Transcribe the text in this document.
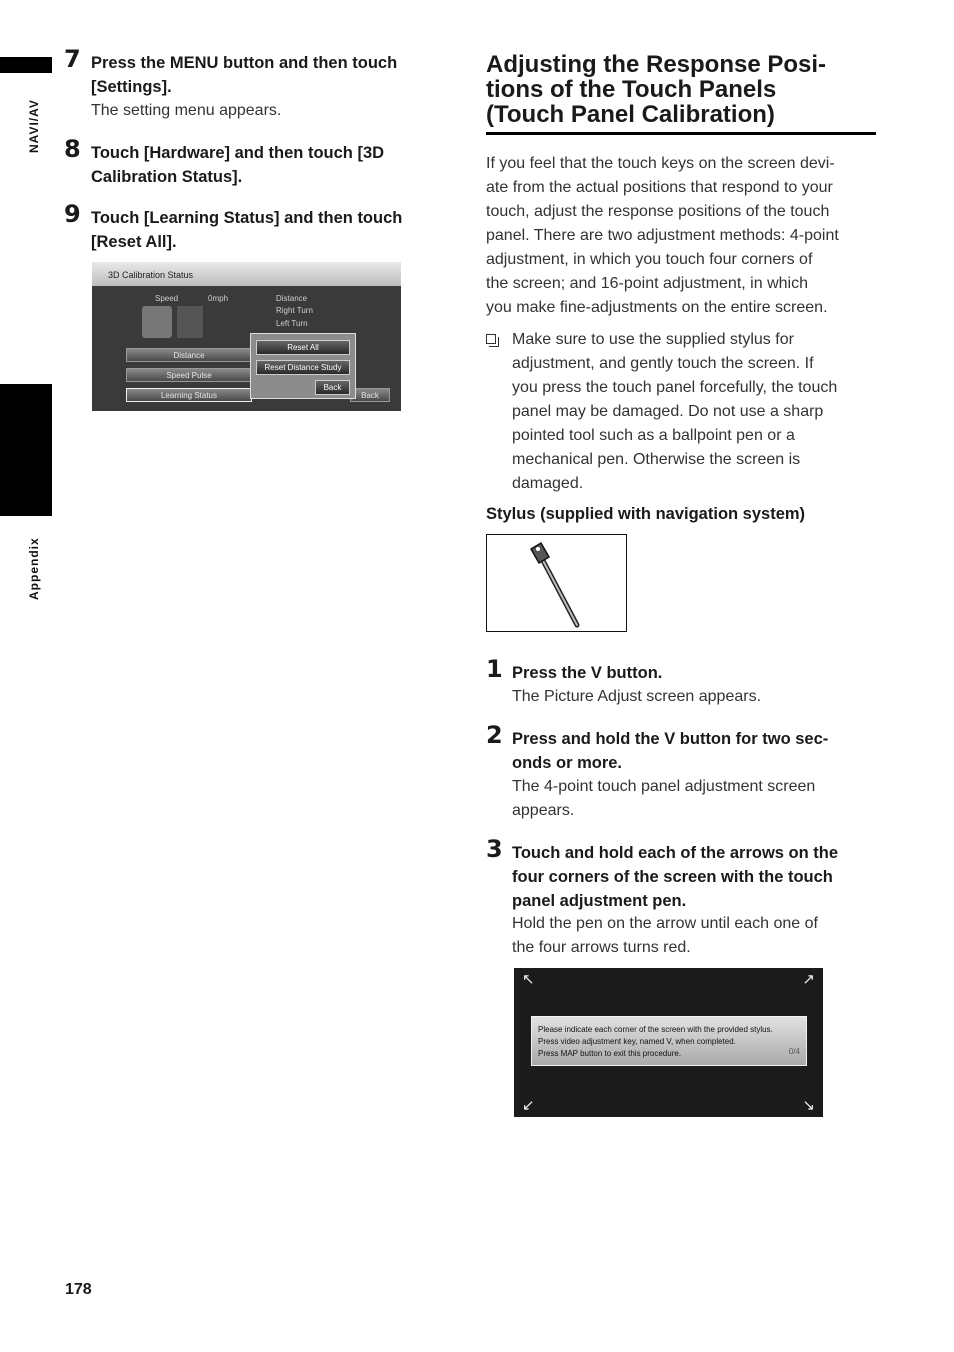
NAVI/AV
Appendix
7 Press the MENU button and then touch
[Settings].
The setting menu appears.
8 Touch [Hardware] and then touch [3D
Calibration Status].
9 Touch [Learning Status] and then touch
[Reset All].
3D Calibration Status
Speed	0mph	Distance
Right Turn
Left Turn
Distance
Speed Pulse
Learning Status	Back
Reset All
Reset Distance Study
Back
Adjusting the Response Posi-
tions of the Touch Panels
(Touch Panel Calibration)
If you feel that the touch keys on the screen devi-
ate from the actual positions that respond to your
touch, adjust the response positions of the touch
panel. There are two adjustment methods: 4-point
adjustment, in which you touch four corners of
the screen; and 16-point adjustment, in which
you make fine-adjustments on the entire screen.
Make sure to use the supplied stylus for
adjustment, and gently touch the screen. If
you press the touch panel forcefully, the touch
panel may be damaged. Do not use a sharp
pointed tool such as a ballpoint pen or a
mechanical pen. Otherwise the screen is
damaged.
Stylus (supplied with navigation system)
1 Press the V button.
The Picture Adjust screen appears.
2 Press and hold the V button for two sec-
onds or more.
The 4-point touch panel adjustment screen
appears.
3 Touch and hold each of the arrows on the
four corners of the screen with the touch
panel adjustment pen.
Hold the pen on the arrow until each one of
the four arrows turns red.
↖	↗
↙	↘
Please indicate each corner of the screen with the provided stylus.
Press video adjustment key, named V, when completed.
Press MAP button to exit this procedure.	0/4
178
